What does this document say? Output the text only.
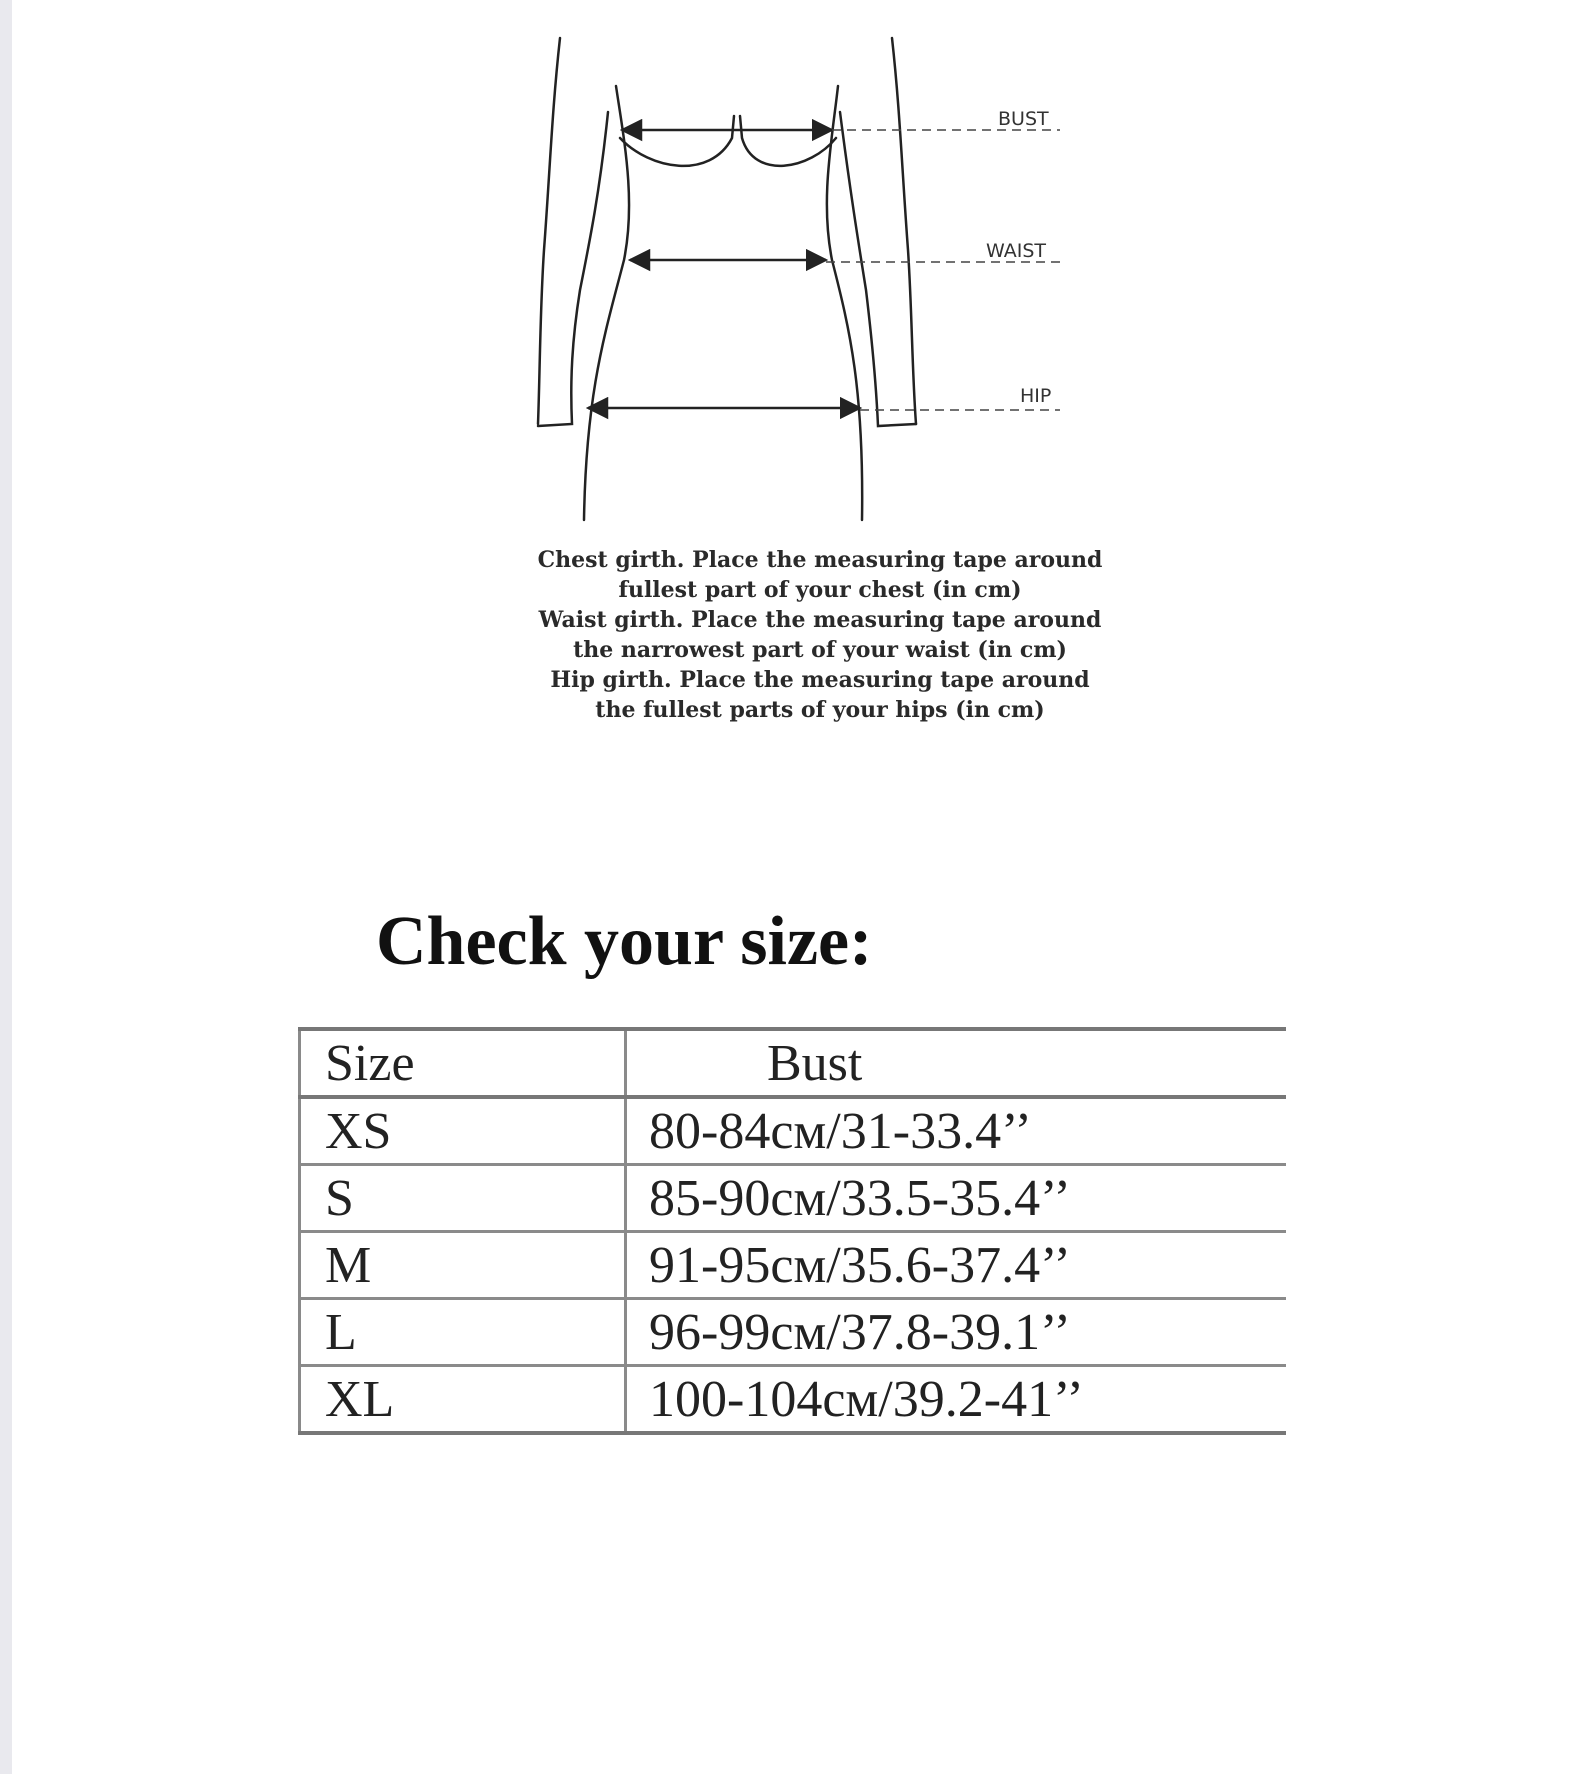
BUST
WAIST
HIP
Chest girth. Place the measuring tape around
fullest part of your chest (in cm)
Waist girth. Place the measuring tape around
the narrowest part of your waist (in cm)
Hip girth. Place the measuring tape around
the fullest parts of your hips (in cm)
Check your size:
Size	Bust
XS	80-84см/31-33.4’’
S	85-90см/33.5-35.4’’
M	91-95см/35.6-37.4’’
L	96-99см/37.8-39.1’’
XL	100-104см/39.2-41’’
